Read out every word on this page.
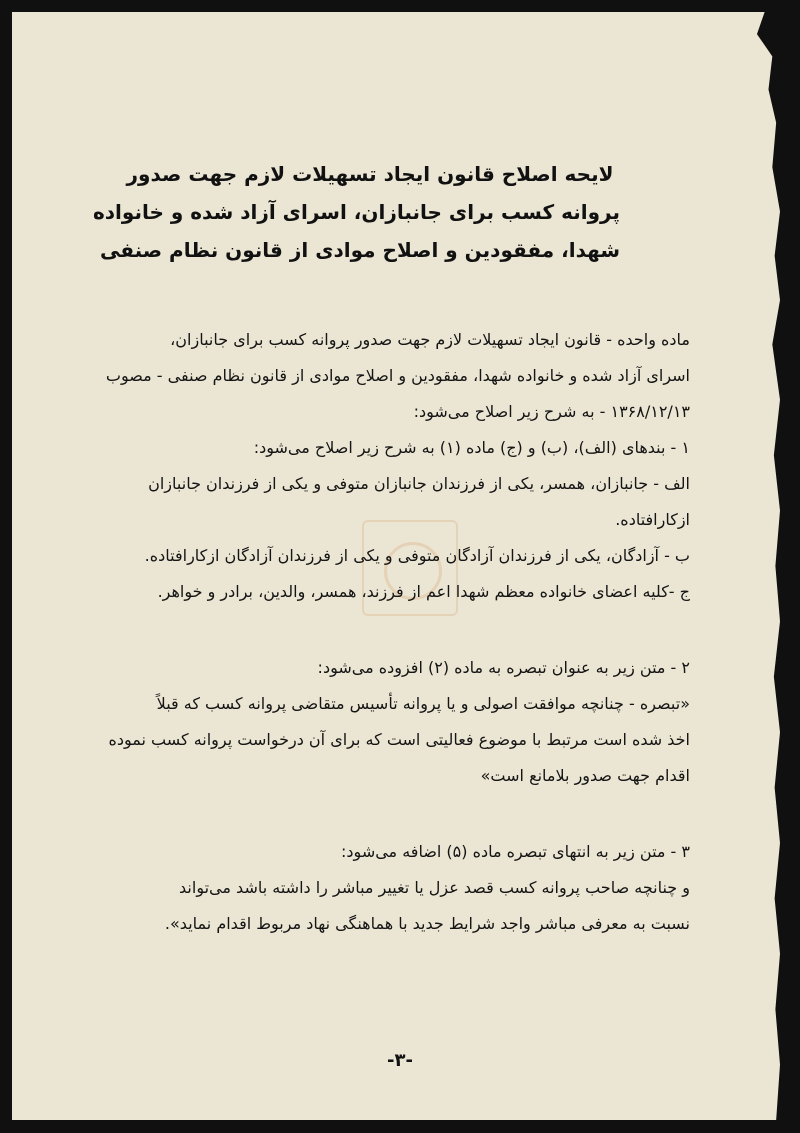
لایحه اصلاح قانون ایجاد تسهیلات لازم جهت صدور
پروانه کسب برای جانبازان، اسرای آزاد شده و خانواده
شهدا، مفقودین و اصلاح موادی از قانون نظام صنفی
ماده واحده - قانون ایجاد تسهیلات لازم جهت صدور پروانه کسب برای جانبازان،
اسرای آزاد شده و خانواده شهدا، مفقودین و اصلاح موادی از قانون نظام صنفی - مصوب
۱۳۶۸/۱۲/۱۳ - به شرح زیر اصلاح می‌شود:
۱ - بندهای (الف)، (ب) و (ج) ماده (۱) به شرح زیر اصلاح می‌شود:
الف - جانبازان، همسر، یکی از فرزندان جانبازان متوفی و یکی از فرزندان جانبازان
ازکارافتاده.
ب - آزادگان، یکی از فرزندان آزادگان متوفی و یکی از فرزندان آزادگان ازکارافتاده.
ج -کلیه اعضای خانواده معظم شهدا اعم از فرزند، همسر، والدین، برادر و خواهر.
۲ - متن زیر به عنوان تبصره به ماده (۲) افزوده می‌شود:
«تبصره - چنانچه موافقت اصولی و یا پروانه تأسیس متقاضی پروانه کسب که قبلاً
اخذ شده است مرتبط با موضوع فعالیتی است که برای آن درخواست پروانه کسب نموده
اقدام جهت صدور بلامانع است»
۳ - متن زیر به انتهای تبصره ماده (۵) اضافه می‌شود:
و چنانچه صاحب پروانه کسب قصد عزل یا تغییر مباشر را داشته باشد می‌تواند
نسبت به معرفی مباشر واجد شرایط جدید با هماهنگی نهاد مربوط اقدام نماید».
-۳-
